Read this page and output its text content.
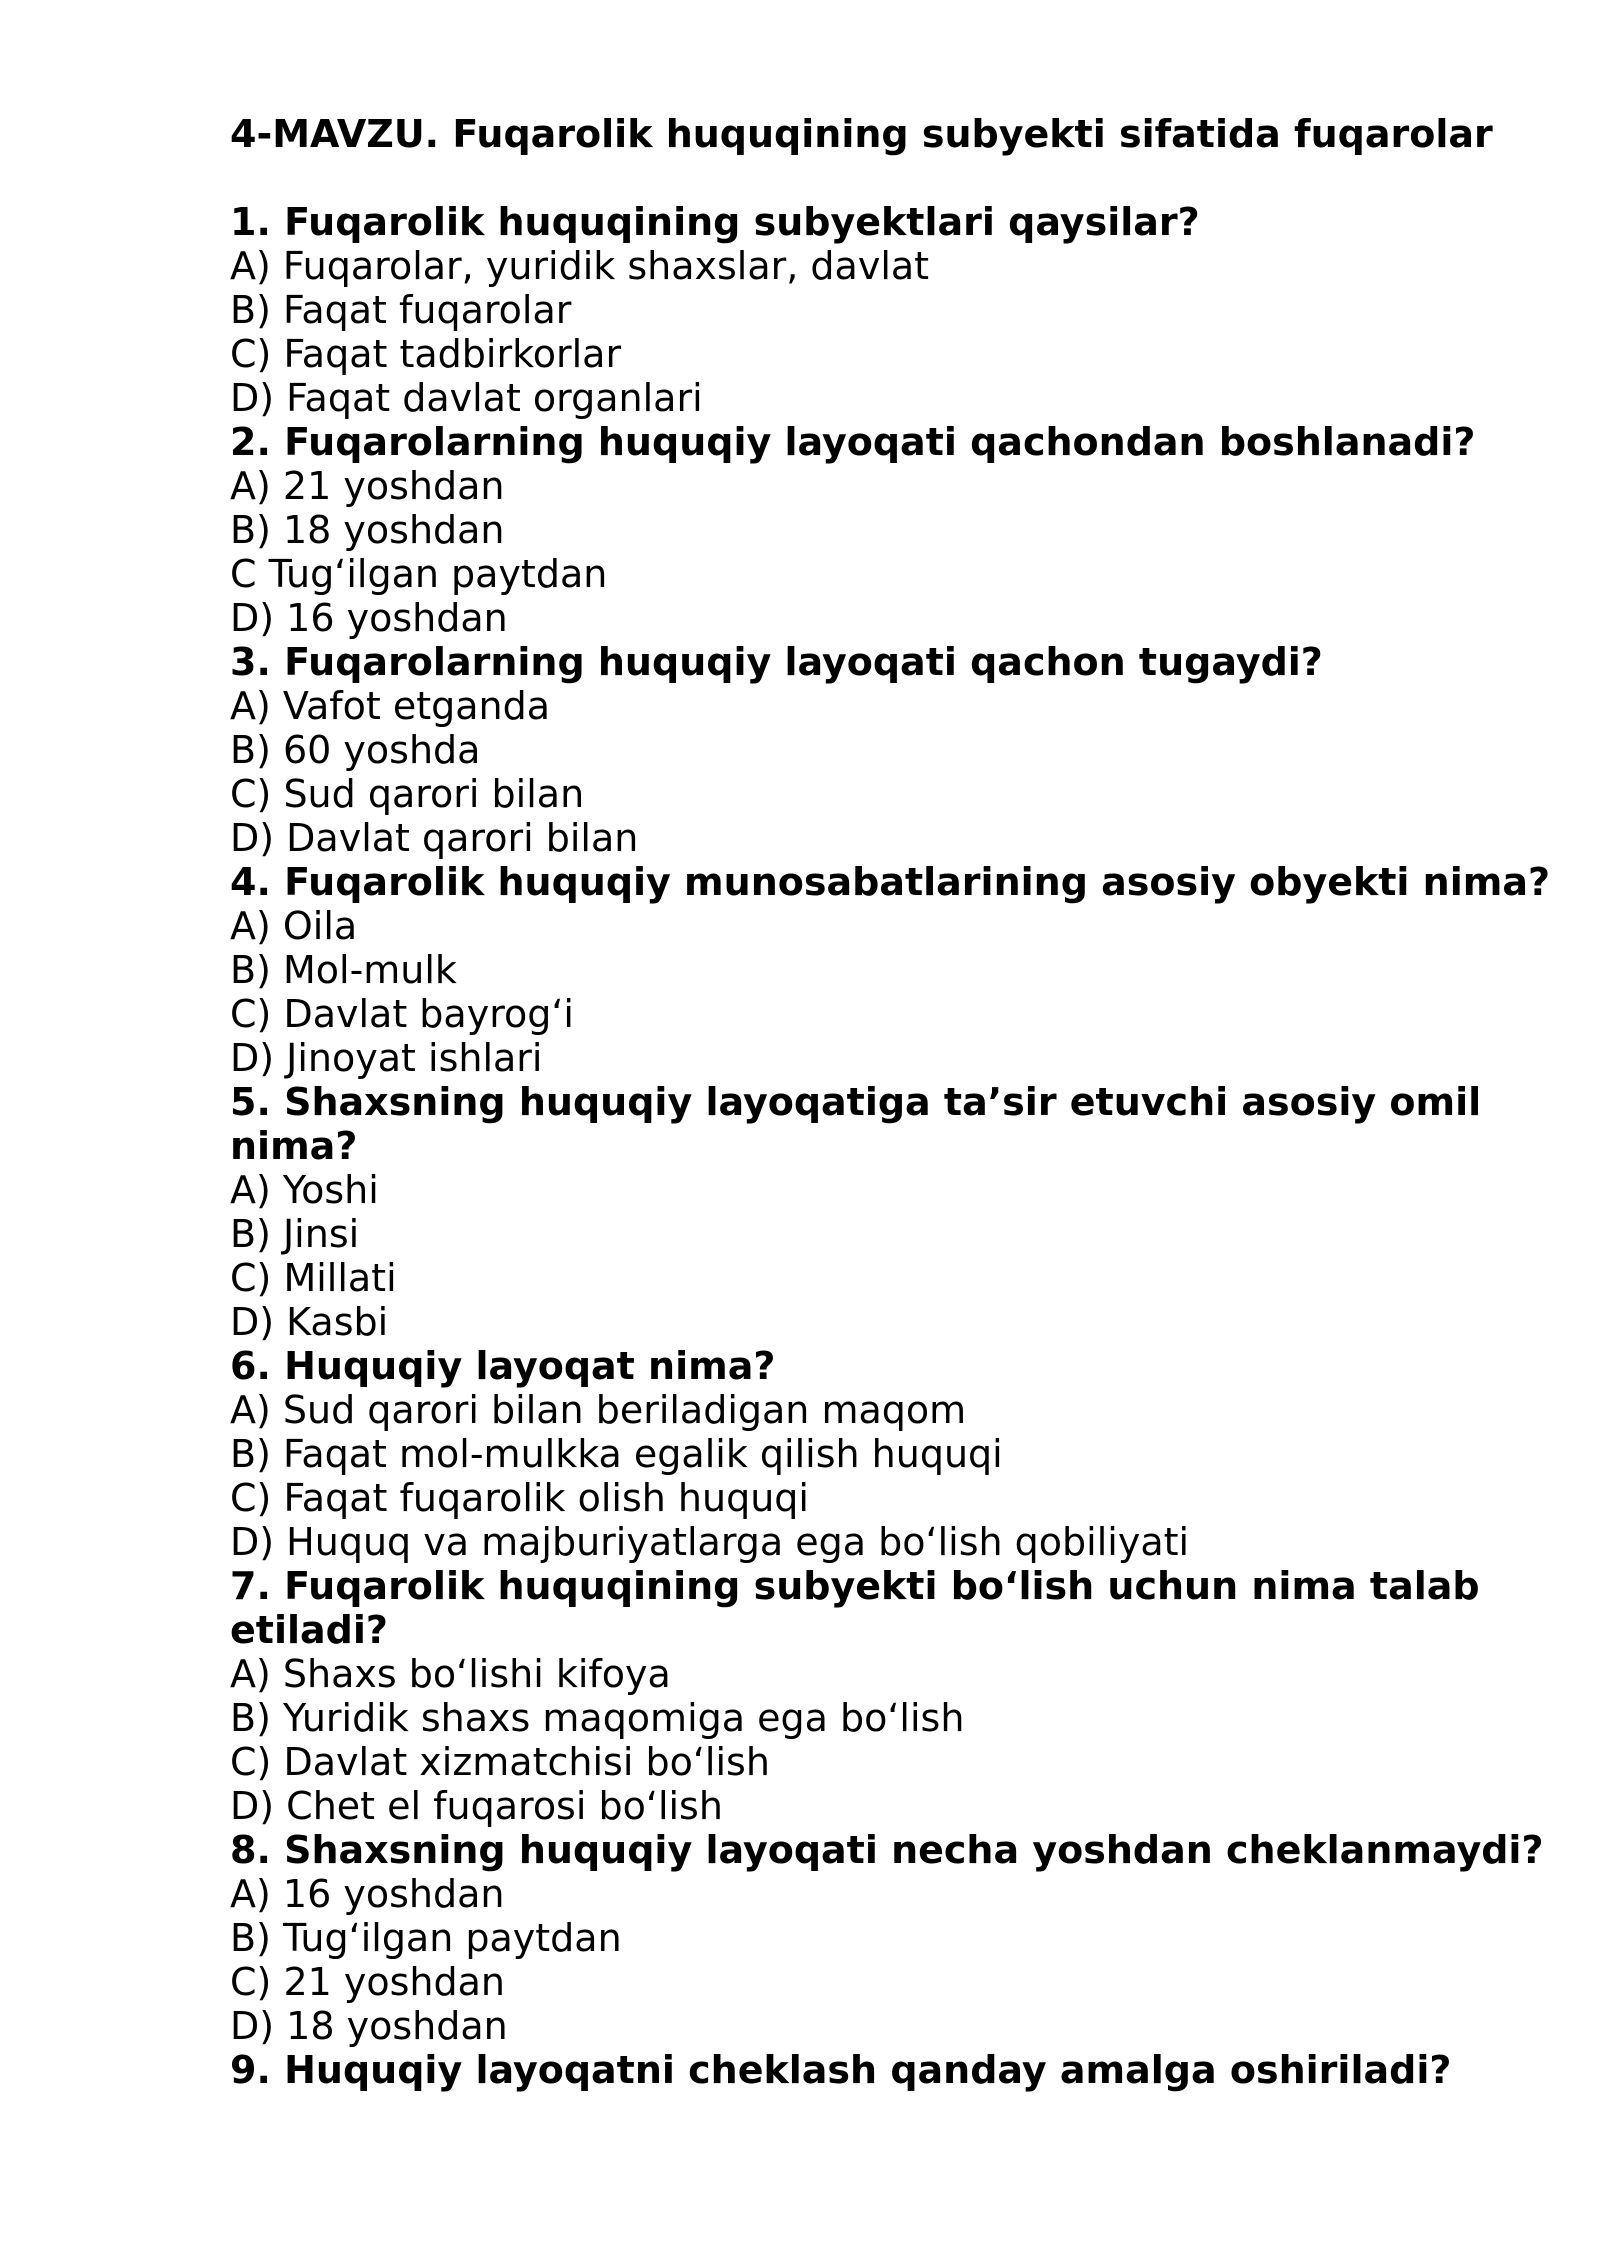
4-MAVZU. Fuqarolik huquqining subyekti sifatida fuqarolar

1. Fuqarolik huquqining subyektlari qaysilar?

A) Fuqarolar, yuridik shaxslar, davlat

B) Faqat fuqarolar

C) Faqat tadbirkorlar

D) Faqat davlat organlari

2. Fuqarolarning huquqiy layoqati qachondan boshlanadi?

A) 21 yoshdan

B) 18 yoshdan

C Tug‘ilgan paytdan

D) 16 yoshdan

3. Fuqarolarning huquqiy layoqati qachon tugaydi?

A) Vafot etganda

B) 60 yoshda

C) Sud qarori bilan

D) Davlat qarori bilan

4. Fuqarolik huquqiy munosabatlarining asosiy obyekti nima?

A) Oila

B) Mol-mulk

C) Davlat bayrog‘i

D) Jinoyat ishlari

5. Shaxsning huquqiy layoqatiga ta’sir etuvchi asosiy omil nima?

A) Yoshi

B) Jinsi

C) Millati

D) Kasbi

6. Huquqiy layoqat nima?

A) Sud qarori bilan beriladigan maqom

B) Faqat mol-mulkka egalik qilish huquqi

C) Faqat fuqarolik olish huquqi

D) Huquq va majburiyatlarga ega bo‘lish qobiliyati

7. Fuqarolik huquqining subyekti bo‘lish uchun nima talab etiladi?

A) Shaxs bo‘lishi kifoya

B) Yuridik shaxs maqomiga ega bo‘lish

C) Davlat xizmatchisi bo‘lish

D) Chet el fuqarosi bo‘lish

8. Shaxsning huquqiy layoqati necha yoshdan cheklanmaydi?

A) 16 yoshdan

B) Tug‘ilgan paytdan

C) 21 yoshdan

D) 18 yoshdan

9. Huquqiy layoqatni cheklash qanday amalga oshiriladi?
